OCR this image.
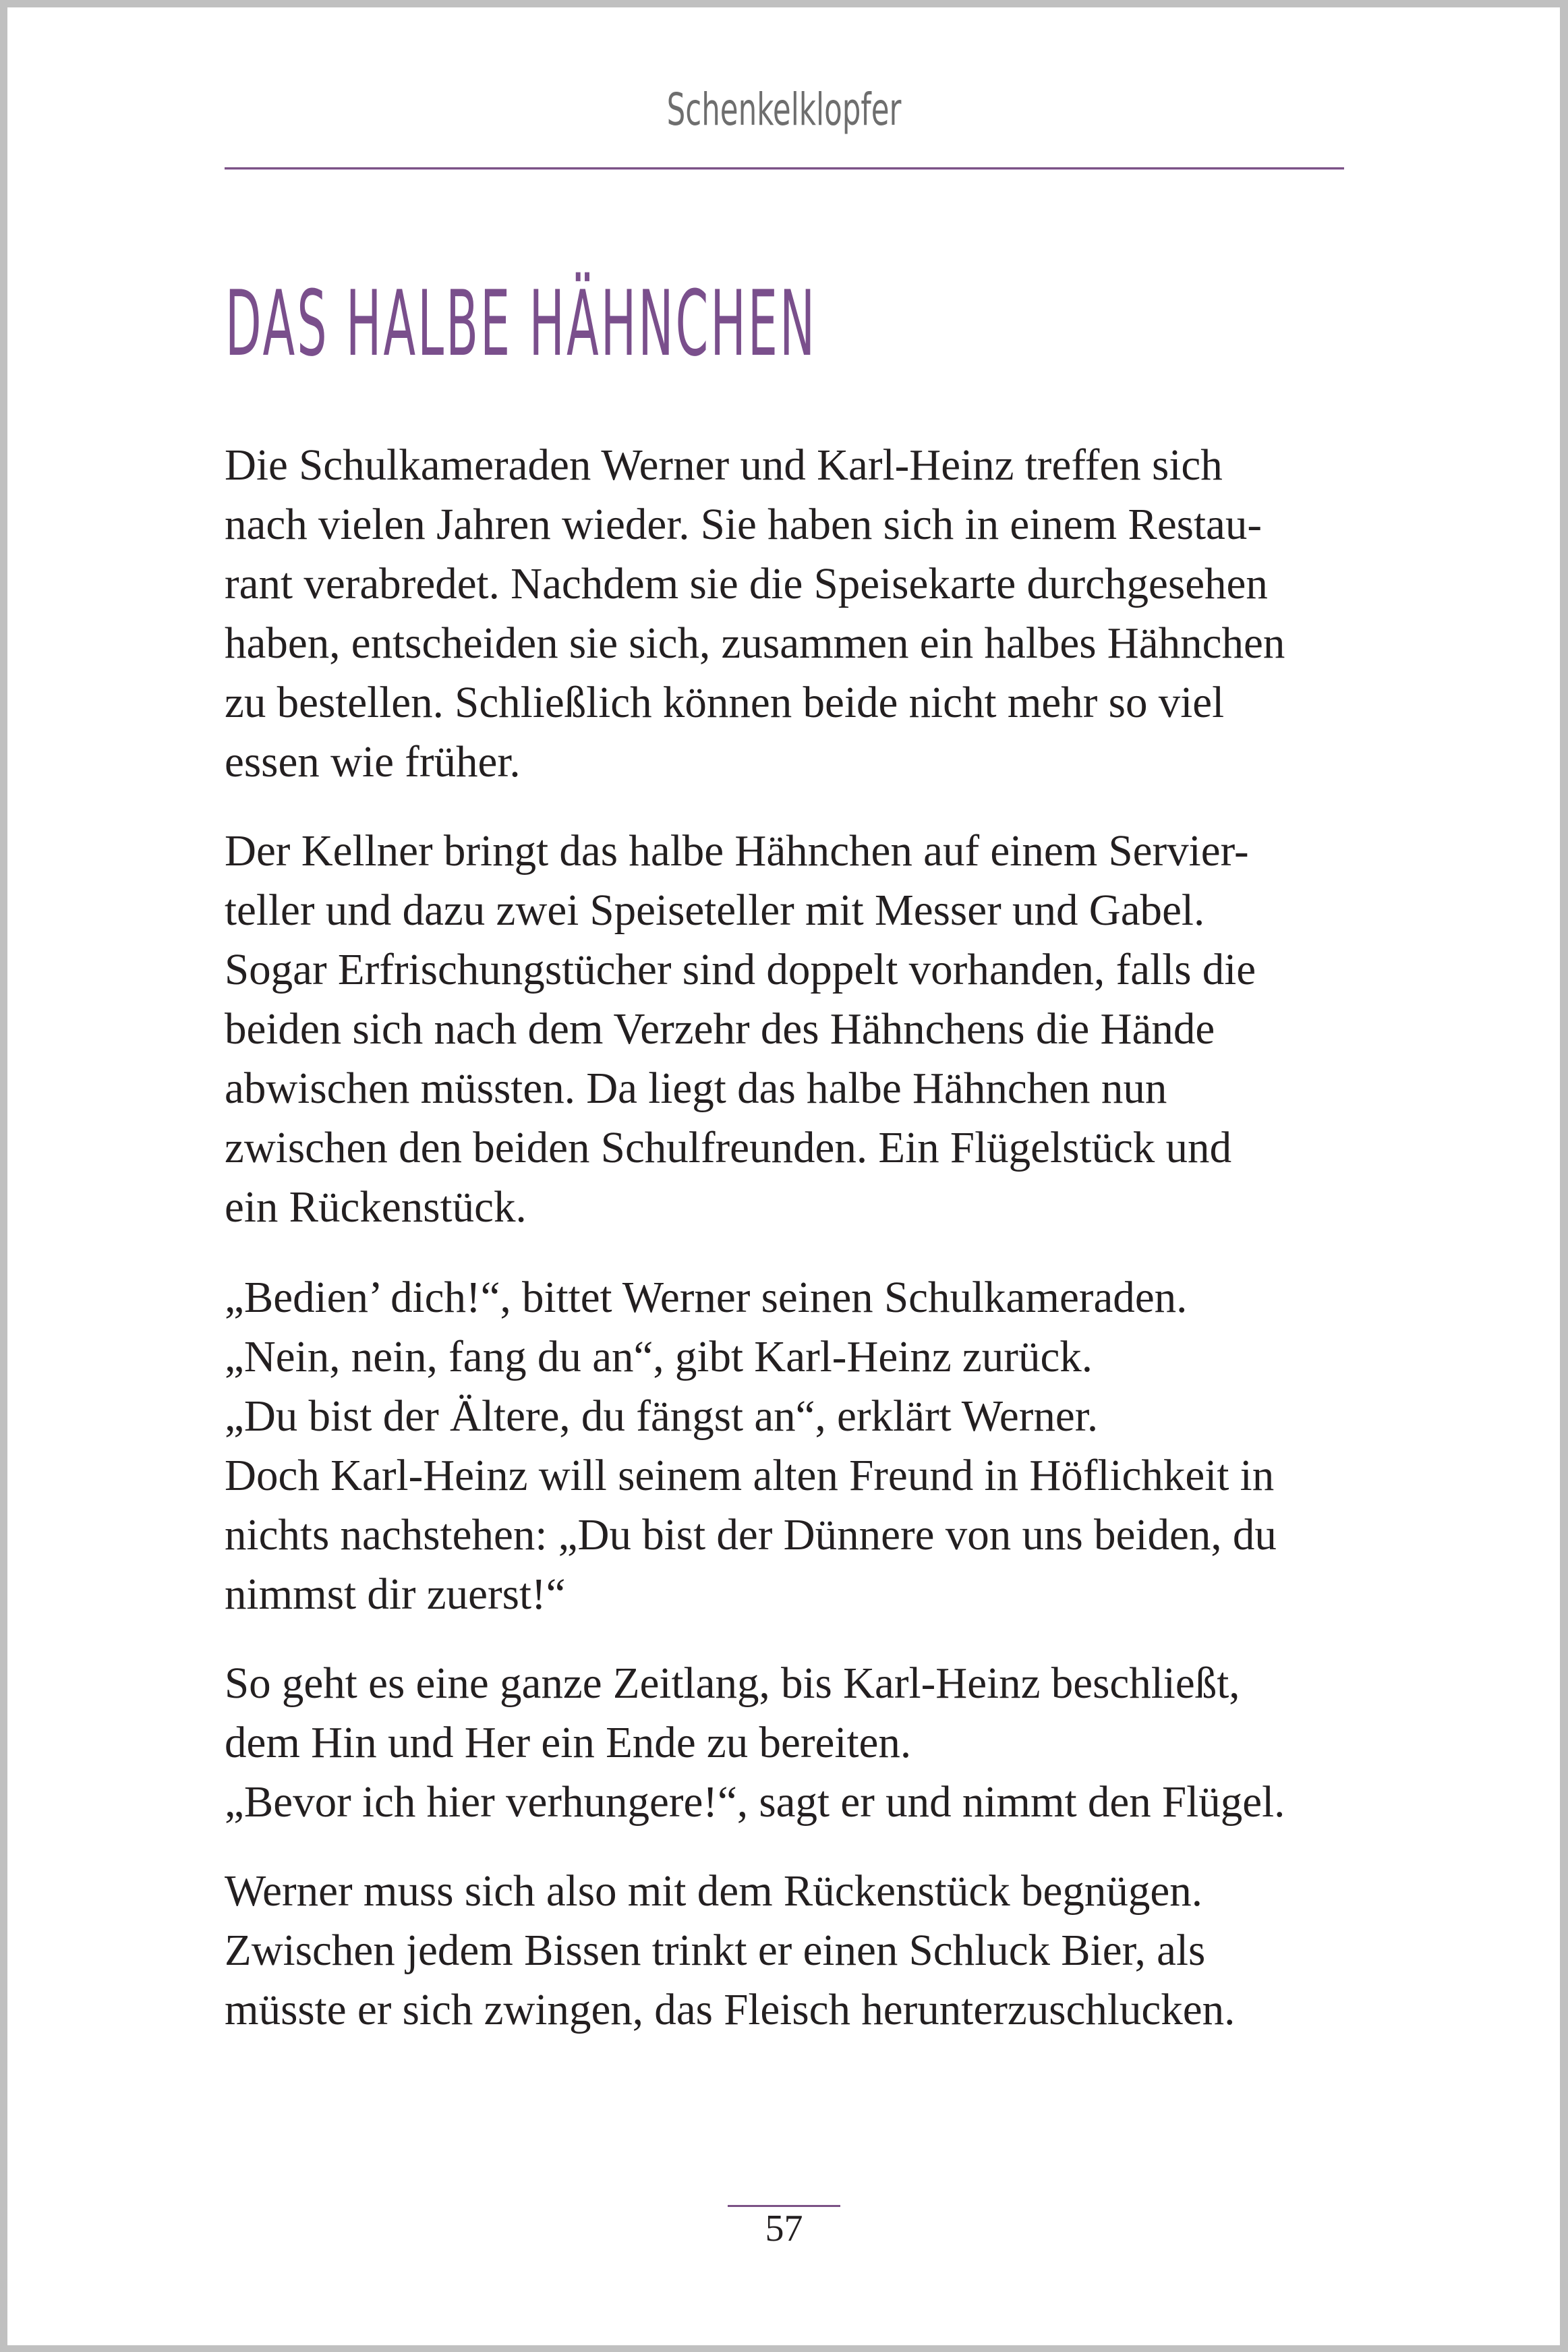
Schenkelklopfer
DAS HALBE HÄHNCHEN
Die Schulkameraden Werner und Karl-Heinz treffen sich
nach vielen Jahren wieder. Sie haben sich in einem Restau-
rant verabredet. Nachdem sie die Speisekarte durchgesehen
haben, entscheiden sie sich, zusammen ein halbes Hähnchen
zu bestellen. Schließlich können beide nicht mehr so viel
essen wie früher.
Der Kellner bringt das halbe Hähnchen auf einem Servier-
teller und dazu zwei Speiseteller mit Messer und Gabel.
Sogar Erfrischungstücher sind doppelt vorhanden, falls die
beiden sich nach dem Verzehr des Hähnchens die Hände
abwischen müssten. Da liegt das halbe Hähnchen nun
zwischen den beiden Schulfreunden. Ein Flügelstück und
ein Rückenstück.
„Bedien’ dich!“, bittet Werner seinen Schulkameraden.
„Nein, nein, fang du an“, gibt Karl-Heinz zurück.
„Du bist der Ältere, du fängst an“, erklärt Werner.
Doch Karl-Heinz will seinem alten Freund in Höflichkeit in
nichts nachstehen: „Du bist der Dünnere von uns beiden, du
nimmst dir zuerst!“
So geht es eine ganze Zeitlang, bis Karl-Heinz beschließt,
dem Hin und Her ein Ende zu bereiten.
„Bevor ich hier verhungere!“, sagt er und nimmt den Flügel.
Werner muss sich also mit dem Rückenstück begnügen.
Zwischen jedem Bissen trinkt er einen Schluck Bier, als
müsste er sich zwingen, das Fleisch herunterzuschlucken.
57
